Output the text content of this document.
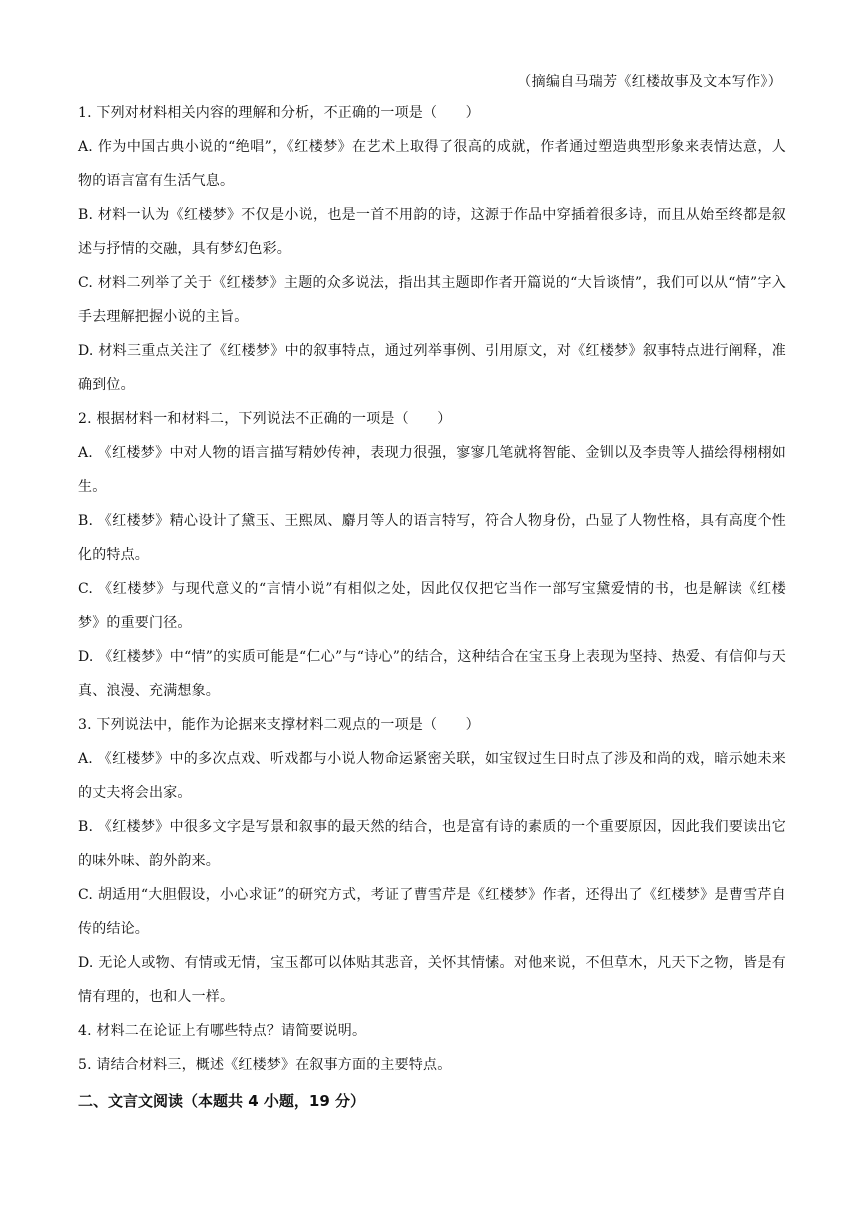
（摘编自马瑞芳《红楼故事及文本写作》）

1. 下列对材料相关内容的理解和分析，不正确的一项是（　　）

A. 作为中国古典小说的“绝唱”，《红楼梦》在艺术上取得了很高的成就，作者通过塑造典型形象来表情达意，人物的语言富有生活气息。

B. 材料一认为《红楼梦》不仅是小说，也是一首不用韵的诗，这源于作品中穿插着很多诗，而且从始至终都是叙述与抒情的交融，具有梦幻色彩。

C. 材料二列举了关于《红楼梦》主题的众多说法，指出其主题即作者开篇说的“大旨谈情”，我们可以从“情”字入手去理解把握小说的主旨。

D. 材料三重点关注了《红楼梦》中的叙事特点，通过列举事例、引用原文，对《红楼梦》叙事特点进行阐释，准确到位。

2. 根据材料一和材料二，下列说法不正确的一项是（　　）

A. 《红楼梦》中对人物的语言描写精妙传神，表现力很强，寥寥几笔就将智能、金钏以及李贵等人描绘得栩栩如生。

B. 《红楼梦》精心设计了黛玉、王熙凤、麝月等人的语言特写，符合人物身份，凸显了人物性格，具有高度个性化的特点。

C. 《红楼梦》与现代意义的“言情小说”有相似之处，因此仅仅把它当作一部写宝黛爱情的书，也是解读《红楼梦》的重要门径。

D. 《红楼梦》中“情”的实质可能是“仁心”与“诗心”的结合，这种结合在宝玉身上表现为坚持、热爱、有信仰与天真、浪漫、充满想象。

3. 下列说法中，能作为论据来支撑材料二观点的一项是（　　）

A. 《红楼梦》中的多次点戏、听戏都与小说人物命运紧密关联，如宝钗过生日时点了涉及和尚的戏，暗示她未来的丈夫将会出家。

B. 《红楼梦》中很多文字是写景和叙事的最天然的结合，也是富有诗的素质的一个重要原因，因此我们要读出它的味外味、韵外韵来。

C. 胡适用“大胆假设，小心求证”的研究方式，考证了曹雪芹是《红楼梦》作者，还得出了《红楼梦》是曹雪芹自传的结论。

D. 无论人或物、有情或无情，宝玉都可以体贴其悲音，关怀其情愫。对他来说，不但草木，凡天下之物，皆是有情有理的，也和人一样。

4. 材料二在论证上有哪些特点？请简要说明。

5. 请结合材料三，概述《红楼梦》在叙事方面的主要特点。

二、文言文阅读（本题共 4 小题，19 分）
